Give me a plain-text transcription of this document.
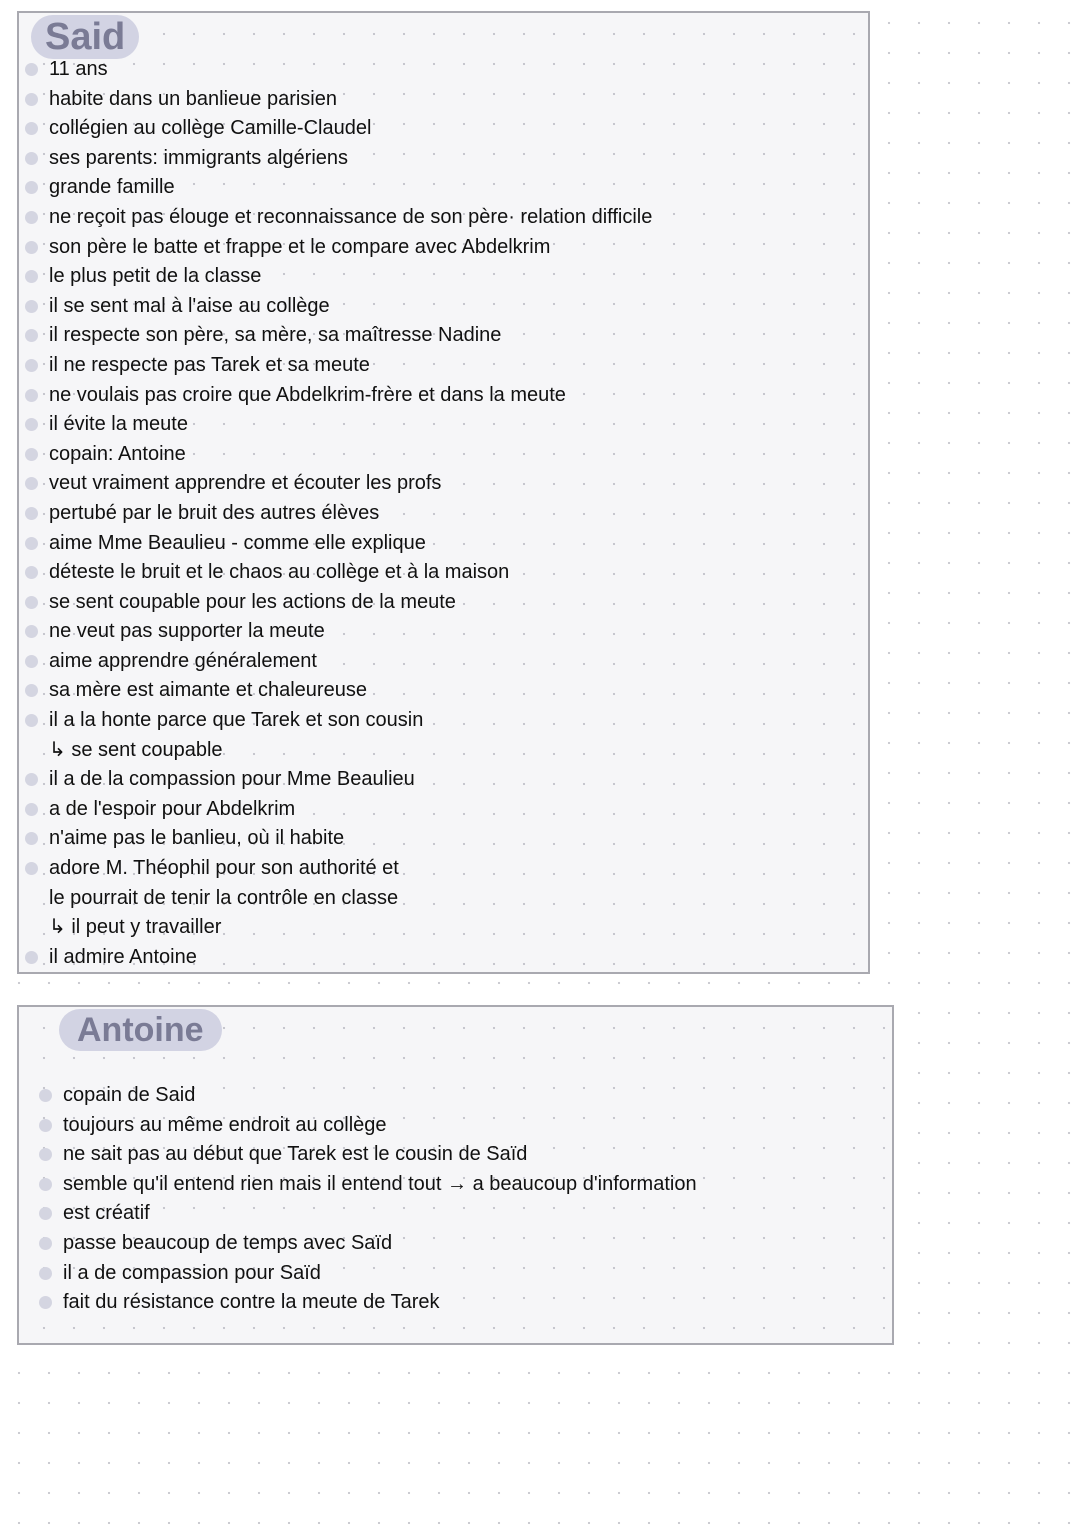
Said
11 ans
habite dans un banlieue parisien
collégien au collège Camille-Claudel
ses parents: immigrants algériens
grande famille
ne reçoit pas élouge et reconnaissance de son père· relation difficile
son père le batte et frappe et le compare avec Abdelkrim
le plus petit de la classe
il se sent mal à l'aise au collège
il respecte son père, sa mère, sa maîtresse Nadine
il ne respecte pas Tarek et sa meute
ne voulais pas croire que Abdelkrim-frère et dans la meute
il évite la meute
copain: Antoine
veut vraiment apprendre et écouter les profs
pertubé par le bruit des autres élèves
aime Mme Beaulieu - comme elle explique
déteste le bruit et le chaos au collège et à la maison
se sent coupable pour les actions de la meute
ne veut pas supporter la meute
aime apprendre généralement
sa mère est aimante et chaleureuse
il a la honte parce que Tarek et son cousin
↳ se sent coupable
il a de la compassion pour Mme Beaulieu
a de l'espoir pour Abdelkrim
n'aime pas le banlieu, où il habite
adore M. Théophil pour son authorité et
le pourrait de tenir la contrôle en classe
↳ il peut y travailler
il admire Antoine
Antoine
copain de Said
toujours au même endroit au collège
ne sait pas au début que Tarek est le cousin de Saïd
semble qu'il entend rien mais il entend tout → a beaucoup d'information
est créatif
passe beaucoup de temps avec Saïd
il a de compassion pour Saïd
fait du résistance contre la meute de Tarek
